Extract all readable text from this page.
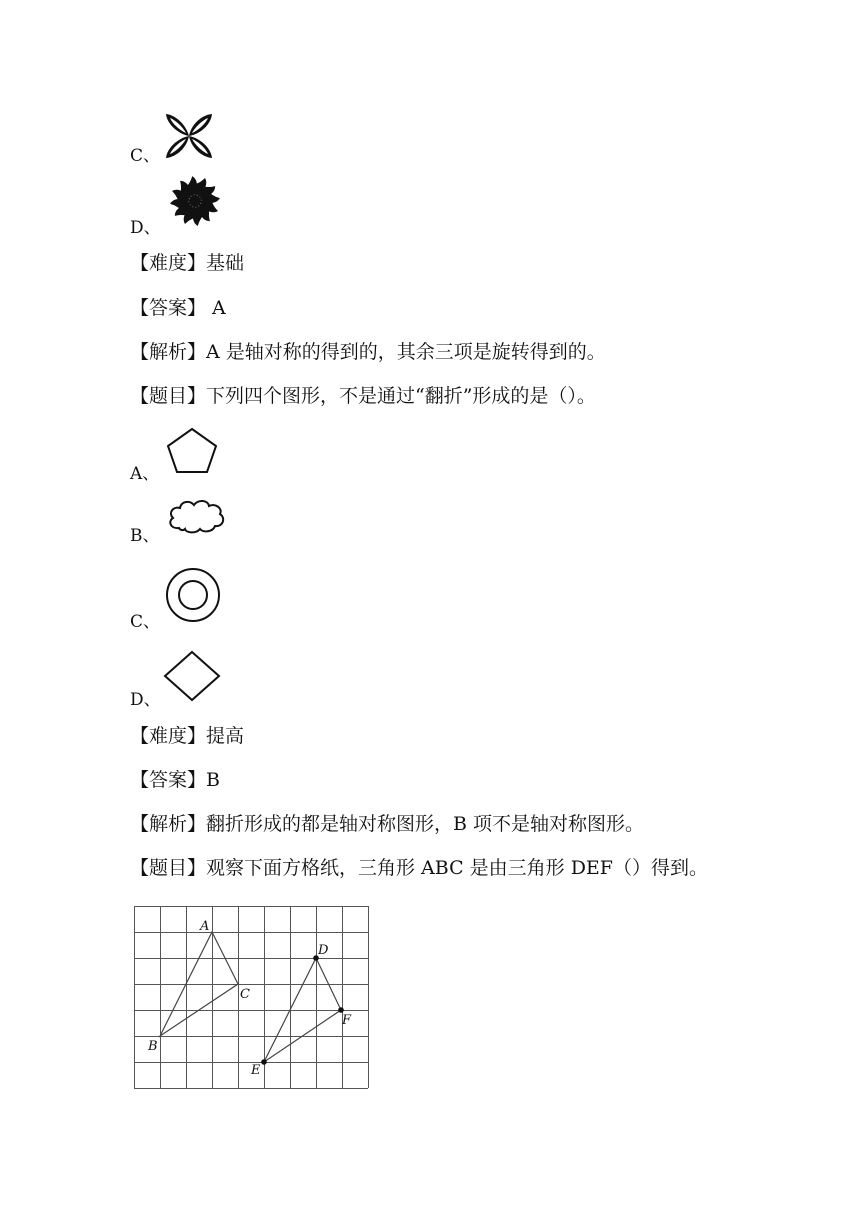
C、
D、
【难度】基础
【答案】 A
【解析】A 是轴对称的得到的，其余三项是旋转得到的。
【题目】下列四个图形，不是通过“翻折”形成的是（）。
A、
B、
C、
D、
【难度】提高
【答案】B
【解析】翻折形成的都是轴对称图形，B 项不是轴对称图形。
【题目】观察下面方格纸，三角形 ABC 是由三角形 DEF（）得到。
A
C
B
D
F
E
